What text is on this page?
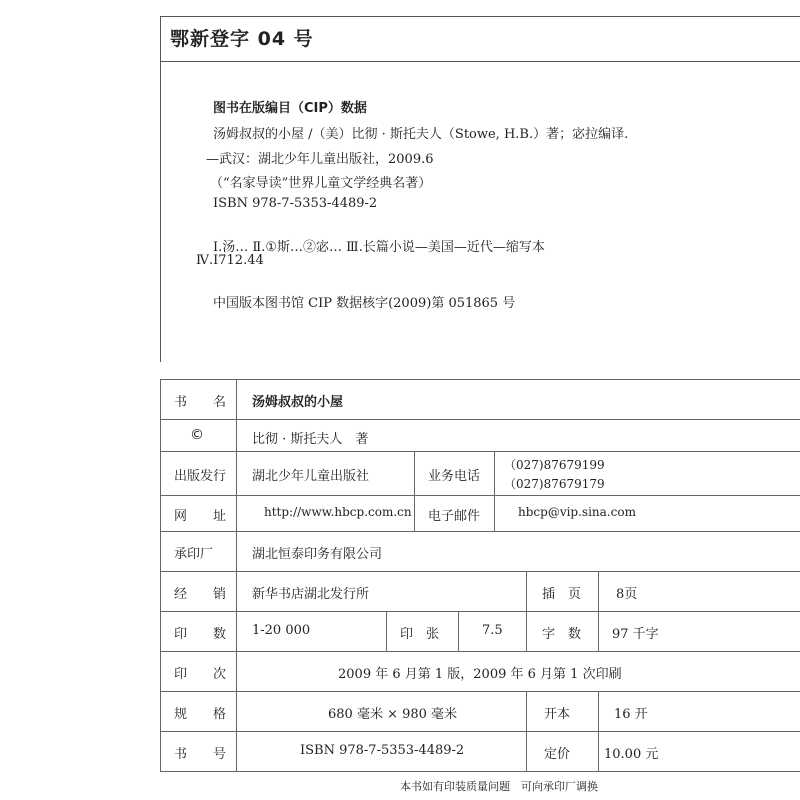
鄂新登字 04 号
图书在版编目（CIP）数据
汤姆叔叔的小屋 /（美）比彻 · 斯托夫人（Stowe, H.B.）著；宓拉编译.
—武汉：湖北少年儿童出版社，2009.6
（“名家导读”世界儿童文学经典名著）
ISBN 978-7-5353-4489-2
Ⅰ.汤… Ⅱ.①斯…②宓… Ⅲ.长篇小说—美国—近代—缩写本
Ⅳ.I712.44
中国版本图书馆 CIP 数据核字(2009)第 051865 号
书　　名 汤姆叔叔的小屋
©	比彻 · 斯托夫人　著
出版发行 湖北少年儿童出版社	业务电话
（027)87679199
（027)87679179
网　　址	http://www.hbcp.com.cn 电子邮件	hbcp@vip.sina.com
承印厂	湖北恒泰印务有限公司
经　　销 新华书店湖北发行所	插　页	8页
印　　数 1-20 000	印　张	7.5	字　数 97 千字
印　　次	2009 年 6 月第 1 版，2009 年 6 月第 1 次印刷
规　　格	680 毫米 × 980 毫米	开本	16 开
书　　号	ISBN 978-7-5353-4489-2	定价	10.00 元
本书如有印装质量问题　可向承印厂调换
